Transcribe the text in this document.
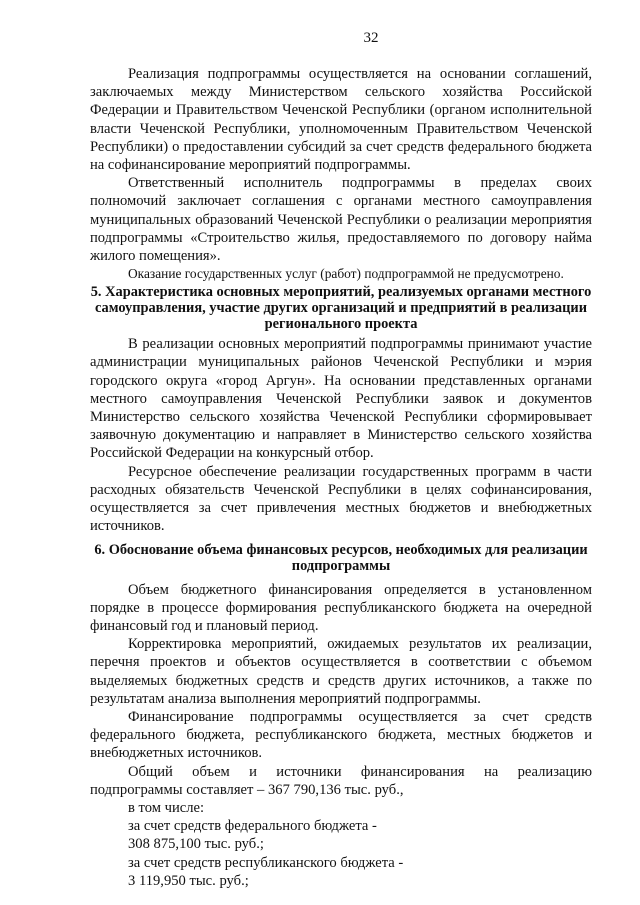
32

Реализация подпрограммы осуществляется на основании соглашений, заключаемых между Министерством сельского хозяйства Российской Федерации и Правительством Чеченской Республики (органом исполнительной власти Чеченской Республики, уполномоченным Правительством Чеченской Республики) о предоставлении субсидий за счет средств федерального бюджета на софинансирование мероприятий подпрограммы.

Ответственный исполнитель подпрограммы в пределах своих полномочий заключает соглашения с органами местного самоуправления муниципальных образований Чеченской Республики о реализации мероприятия подпрограммы «Строительство жилья, предоставляемого по договору найма жилого помещения».

Оказание государственных услуг (работ) подпрограммой не предусмотрено.

5. Характеристика основных мероприятий, реализуемых органами местного самоуправления, участие других организаций и предприятий в реализации регионального проекта

В реализации основных мероприятий подпрограммы принимают участие администрации муниципальных районов Чеченской Республики и мэрия городского округа «город Аргун». На основании представленных органами местного самоуправления Чеченской Республики заявок и документов Министерство сельского хозяйства Чеченской Республики сформировывает заявочную документацию и направляет в Министерство сельского хозяйства Российской Федерации на конкурсный отбор.

Ресурсное обеспечение реализации государственных программ в части расходных обязательств Чеченской Республики в целях софинансирования, осуществляется за счет привлечения местных бюджетов и внебюджетных источников.

6. Обоснование объема финансовых ресурсов, необходимых для реализации подпрограммы

Объем бюджетного финансирования определяется в установленном порядке в процессе формирования республиканского бюджета на очередной финансовый год и плановый период.

Корректировка мероприятий, ожидаемых результатов их реализации, перечня проектов и объектов осуществляется в соответствии с объемом выделяемых бюджетных средств и средств других источников, а также по результатам анализа выполнения мероприятий подпрограммы.

Финансирование подпрограммы осуществляется за счет средств федерального бюджета, республиканского бюджета, местных бюджетов и внебюджетных источников.

Общий объем и источники финансирования на реализацию подпрограммы составляет – 367 790,136 тыс. руб.,

в том числе:

за счет средств федерального бюджета -

308 875,100 тыс. руб.;

за счет средств республиканского бюджета -

3 119,950 тыс. руб.;
